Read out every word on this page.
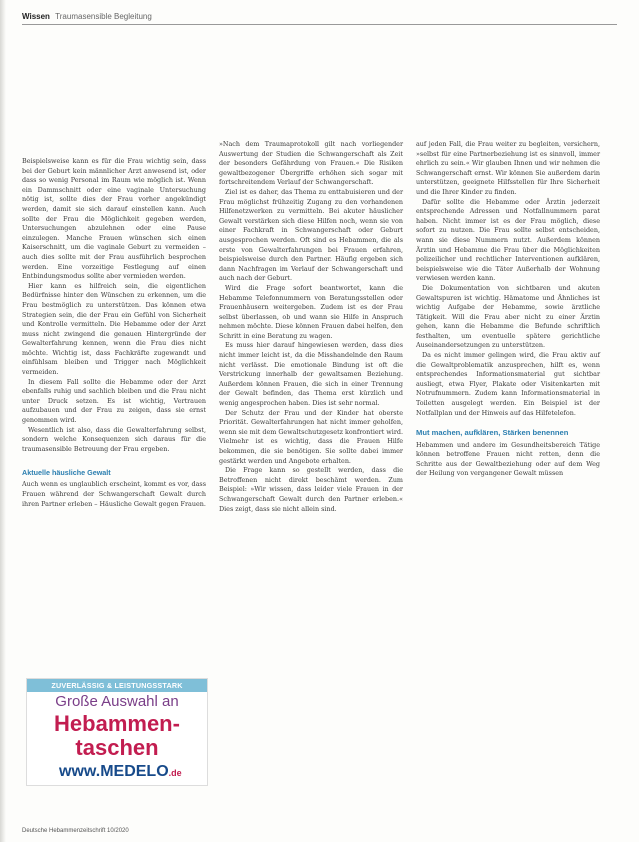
Wissen Traumasensible Begleitung

Beispielsweise kann es für die Frau wichtig sein, dass bei der Geburt kein männlicher Arzt anwesend ist, oder dass so wenig Personal im Raum wie möglich ist. Wenn ein Dammschnitt oder eine vaginale Untersuchung nötig ist, sollte dies der Frau vorher angekündigt werden, damit sie sich darauf einstellen kann. Auch sollte der Frau die Möglichkeit gegeben werden, Untersuchungen abzulehnen oder eine Pause einzulegen. Manche Frauen wünschen sich einen Kaiserschnitt, um die vaginale Geburt zu vermeiden – auch dies sollte mit der Frau ausführlich besprochen werden. Eine vorzeitige Festlegung auf einen Entbindungsmodus sollte aber vermieden werden.

Hier kann es hilfreich sein, die eigentlichen Bedürfnisse hinter den Wünschen zu erkennen, um die Frau bestmöglich zu unterstützen. Das können etwa Strategien sein, die der Frau ein Gefühl von Sicherheit und Kontrolle vermitteln. Die Hebamme oder der Arzt muss nicht zwingend die genauen Hintergründe der Gewalterfahrung kennen, wenn die Frau dies nicht möchte. Wichtig ist, dass Fachkräfte zugewandt und einfühlsam bleiben und Trigger nach Möglichkeit vermeiden.

In diesem Fall sollte die Hebamme oder der Arzt ebenfalls ruhig und sachlich bleiben und die Frau nicht unter Druck setzen. Es ist wichtig, Vertrauen aufzubauen und der Frau zu zeigen, dass sie ernst genommen wird.

Wesentlich ist also, dass die Gewalterfahrung selbst, sondern welche Konsequenzen sich daraus für die traumasensible Betreuung der Frau ergeben.

Aktuelle häusliche Gewalt

Auch wenn es unglaublich erscheint, kommt es vor, dass Frauen während der Schwangerschaft Gewalt durch ihren Partner erleben – Häusliche Gewalt gegen Frauen.

»Nach dem Traumaprotokoll gilt nach vorliegender Auswertung der Studien die Schwangerschaft als Zeit der besonders Gefährdung von Frauen.« Die Risiken gewaltbezogener Übergriffe erhöhen sich sogar mit fortschreitendem Verlauf der Schwangerschaft.

Ziel ist es daher, das Thema zu enttabuisieren und der Frau möglichst frühzeitig Zugang zu den vorhandenen Hilfenetzwerken zu vermitteln. Bei akuter häuslicher Gewalt verstärken sich diese Hilfen noch, wenn sie von einer Fachkraft in Schwangerschaft oder Geburt ausgesprochen werden. Oft sind es Hebammen, die als erste von Gewalterfahrungen bei Frauen erfahren, beispielsweise durch den Partner. Häufig ergeben sich dann Nachfragen im Verlauf der Schwangerschaft und auch nach der Geburt.

Wird die Frage sofort beantwortet, kann die Hebamme Telefonnummern von Beratungsstellen oder Frauenhäusern weitergeben. Zudem ist es der Frau selbst überlassen, ob und wann sie Hilfe in Anspruch nehmen möchte. Diese können Frauen dabei helfen, den Schritt in eine Beratung zu wagen.

Es muss hier darauf hingewiesen werden, dass dies nicht immer leicht ist, da die Misshandelnde den Raum nicht verlässt. Die emotionale Bindung ist oft die Verstrickung innerhalb der gewaltsamen Beziehung. Außerdem können Frauen, die sich in einer Trennung der Gewalt befinden, das Thema erst kürzlich und wenig angesprochen haben. Dies ist sehr normal.

Der Schutz der Frau und der Kinder hat oberste Priorität. Gewalterfahrungen hat nicht immer geholfen, wenn sie mit dem Gewaltschutzgesetz konfrontiert wird. Vielmehr ist es wichtig, dass die Frauen Hilfe bekommen, die sie benötigen. Sie sollte dabei immer gestärkt werden und Angebote erhalten.

Die Frage kann so gestellt werden, dass die Betroffenen nicht direkt beschämt werden. Zum Beispiel: »Wir wissen, dass leider viele Frauen in der Schwangerschaft Gewalt durch den Partner erleben.« Dies zeigt, dass sie nicht allein sind.

auf jeden Fall, die Frau weiter zu begleiten, versichern, »selbst für eine Partnerbeziehung ist es sinnvoll, immer ehrlich zu sein.« Wir glauben Ihnen und wir nehmen die Schwangerschaft ernst. Wir können Sie außerdem darin unterstützen, geeignete Hilfsstellen für Ihre Sicherheit und die Ihrer Kinder zu finden.

Dafür sollte die Hebamme oder Ärztin jederzeit entsprechende Adressen und Notfallnummern parat haben. Nicht immer ist es der Frau möglich, diese sofort zu nutzen. Die Frau sollte selbst entscheiden, wann sie diese Nummern nutzt. Außerdem können Ärztin und Hebamme die Frau über die Möglichkeiten polizeilicher und rechtlicher Interventionen aufklären, beispielsweise wie die Täter Außerhalb der Wohnung verwiesen werden kann.

Die Dokumentation von sichtbaren und akuten Gewaltspuren ist wichtig. Hämatome und Ähnliches ist wichtig Aufgabe der Hebamme, sowie ärztliche Tätigkeit. Will die Frau aber nicht zu einer Ärztin gehen, kann die Hebamme die Befunde schriftlich festhalten, um eventuelle spätere gerichtliche Auseinandersetzungen zu unterstützen.

Da es nicht immer gelingen wird, die Frau aktiv auf die Gewaltproblematik anzusprechen, hilft es, wenn entsprechendes Informationsmaterial gut sichtbar ausliegt, etwa Flyer, Plakate oder Visitenkarten mit Notrufnummern. Zudem kann Informationsmaterial in Toiletten ausgelegt werden. Ein Beispiel ist der Notfallplan und der Hinweis auf das Hilfetelefon.

Mut machen, aufklären, Stärken benennen

Hebammen und andere im Gesundheitsbereich Tätige können betroffene Frauen nicht retten, denn die Schritte aus der Gewaltbeziehung oder auf dem Weg der Heilung von vergangener Gewalt müssen

ZUVERLÄSSIG & LEISTUNGSSTARK
Große Auswahl an
Hebammen-
taschen
www.MEDELO.de
Deutsche Hebammenzeitschrift 10/2020
